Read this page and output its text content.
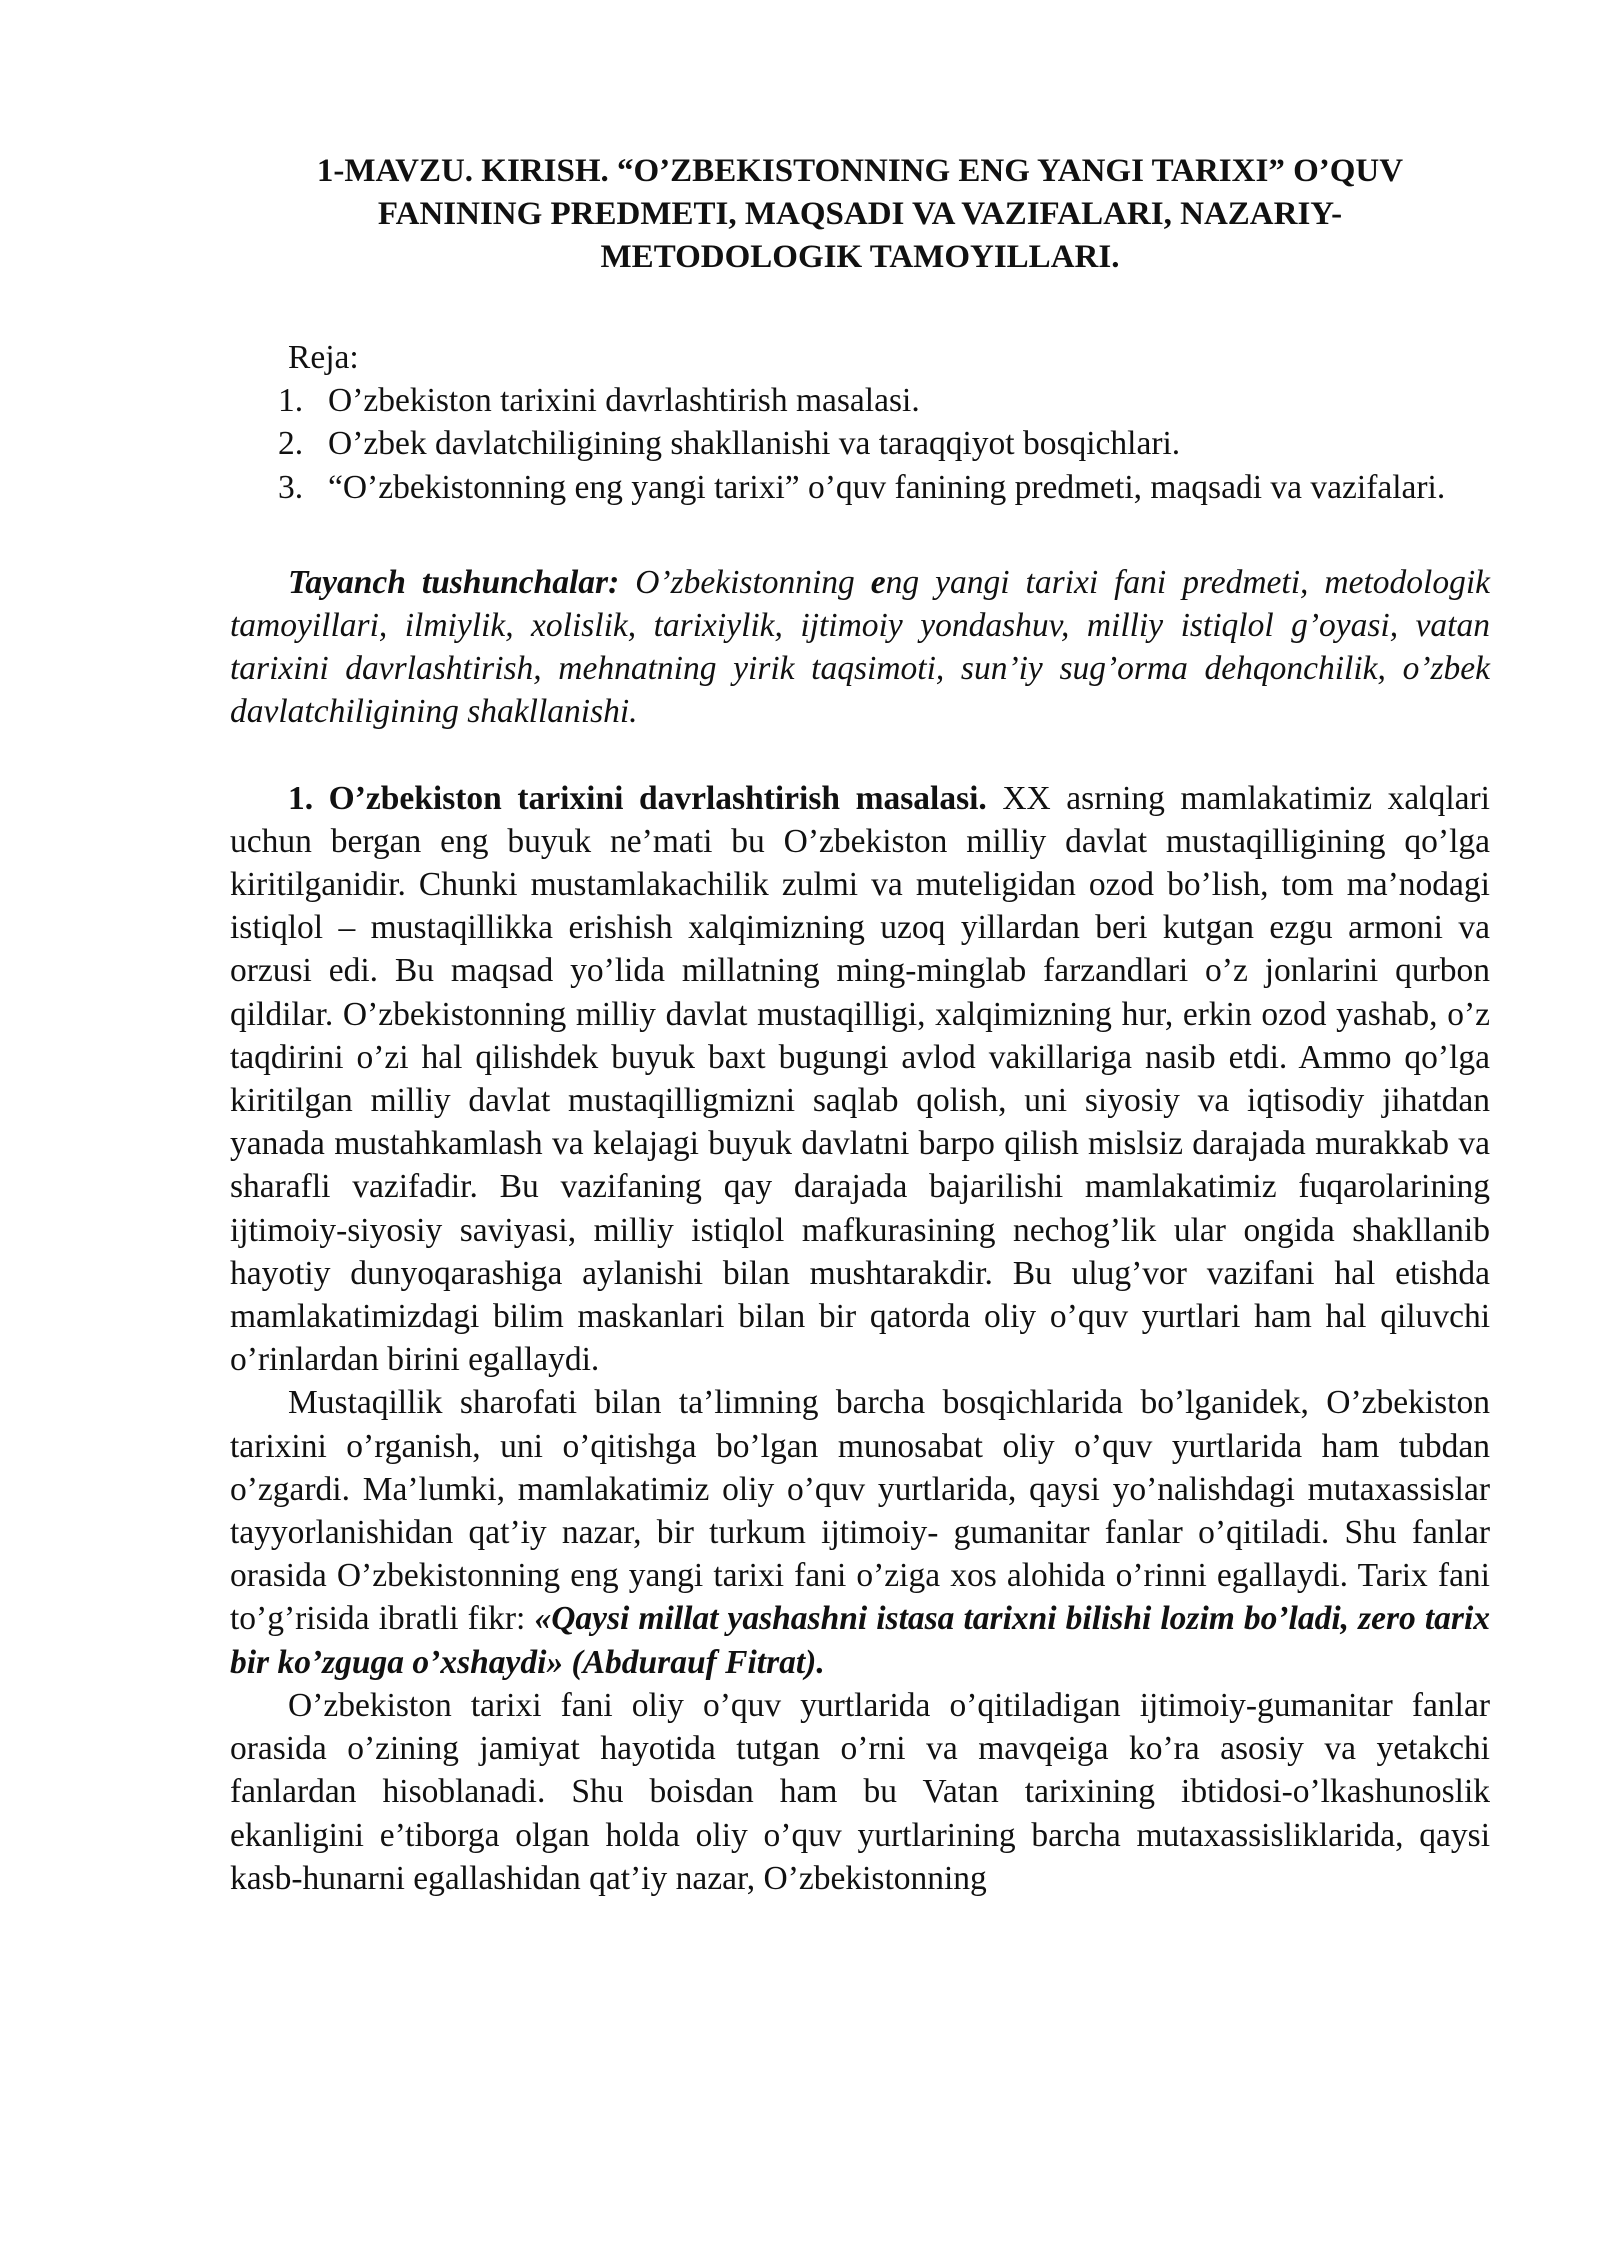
1-MAVZU. KIRISH. “O’ZBEKISTONNING ENG YANGI TARIXI” O’QUV
FANINING PREDMETI, MAQSADI VA VAZIFALARI, NAZARIY-
METODOLOGIK TAMOYILLARI.
Reja:
1. O’zbekiston tarixini davrlashtirish masalasi.
2. O’zbek davlatchiligining shakllanishi va taraqqiyot bosqichlari.
3. “O’zbekistonning eng yangi tarixi” o’quv fanining predmeti, maqsadi va vazifalari.

Tayanch tushunchalar: O’zbekistonning eng yangi tarixi fani predmeti, metodologik tamoyillari, ilmiylik, xolislik, tarixiylik, ijtimoiy yondashuv, milliy istiqlol g’oyasi, vatan tarixini davrlashtirish, mehnatning yirik taqsimoti, sun’iy sug’orma dehqonchilik, o’zbek davlatchiligining shakllanishi.

1. O’zbekiston tarixini davrlashtirish masalasi. XX asrning mamlakatimiz xalqlari uchun bergan eng buyuk ne’mati bu O’zbekiston milliy davlat mustaqilligining qo’lga kiritilganidir. Chunki mustamlakachilik zulmi va muteligidan ozod bo’lish, tom ma’nodagi istiqlol – mustaqillikka erishish xalqimizning uzoq yillardan beri kutgan ezgu armoni va orzusi edi. Bu maqsad yo’lida millatning ming-minglab farzandlari o’z jonlarini qurbon qildilar. O’zbekistonning milliy davlat mustaqilligi, xalqimizning hur, erkin ozod yashab, o’z taqdirini o’zi hal qilishdek buyuk baxt bugungi avlod vakillariga nasib etdi. Ammo qo’lga kiritilgan milliy davlat mustaqilligmizni saqlab qolish, uni siyosiy va iqtisodiy jihatdan yanada mustahkamlash va kelajagi buyuk davlatni barpo qilish mislsiz darajada murakkab va sharafli vazifadir. Bu vazifaning qay darajada bajarilishi mamlakatimiz fuqarolarining ijtimoiy-siyosiy saviyasi, milliy istiqlol mafkurasining nechog’lik ular ongida shakllanib hayotiy dunyoqarashiga aylanishi bilan mushtarakdir. Bu ulug’vor vazifani hal etishda mamlakatimizdagi bilim maskanlari bilan bir qatorda oliy o’quv yurtlari ham hal qiluvchi o’rinlardan birini egallaydi.

Mustaqillik sharofati bilan ta’limning barcha bosqichlarida bo’lganidek, O’zbekiston tarixini o’rganish, uni o’qitishga bo’lgan munosabat oliy o’quv yurtlarida ham tubdan o’zgardi. Ma’lumki, mamlakatimiz oliy o’quv yurtlarida, qaysi yo’nalishdagi mutaxassislar tayyorlanishidan qat’iy nazar, bir turkum ijtimoiy- gumanitar fanlar o’qitiladi. Shu fanlar orasida O’zbekistonning eng yangi tarixi fani o’ziga xos alohida o’rinni egallaydi. Tarix fani to’g’risida ibratli fikr: «Qaysi millat yashashni istasa tarixni bilishi lozim bo’ladi, zero tarix bir ko’zguga o’xshaydi» (Abdurauf Fitrat).

O’zbekiston tarixi fani oliy o’quv yurtlarida o’qitiladigan ijtimoiy-gumanitar fanlar orasida o’zining jamiyat hayotida tutgan o’rni va mavqeiga ko’ra asosiy va yetakchi fanlardan hisoblanadi. Shu boisdan ham bu Vatan tarixining ibtidosi-o’lkashunoslik ekanligini e’tiborga olgan holda oliy o’quv yurtlarining barcha mutaxassisliklarida, qaysi kasb-hunarni egallashidan qat’iy nazar, O’zbekistonning
